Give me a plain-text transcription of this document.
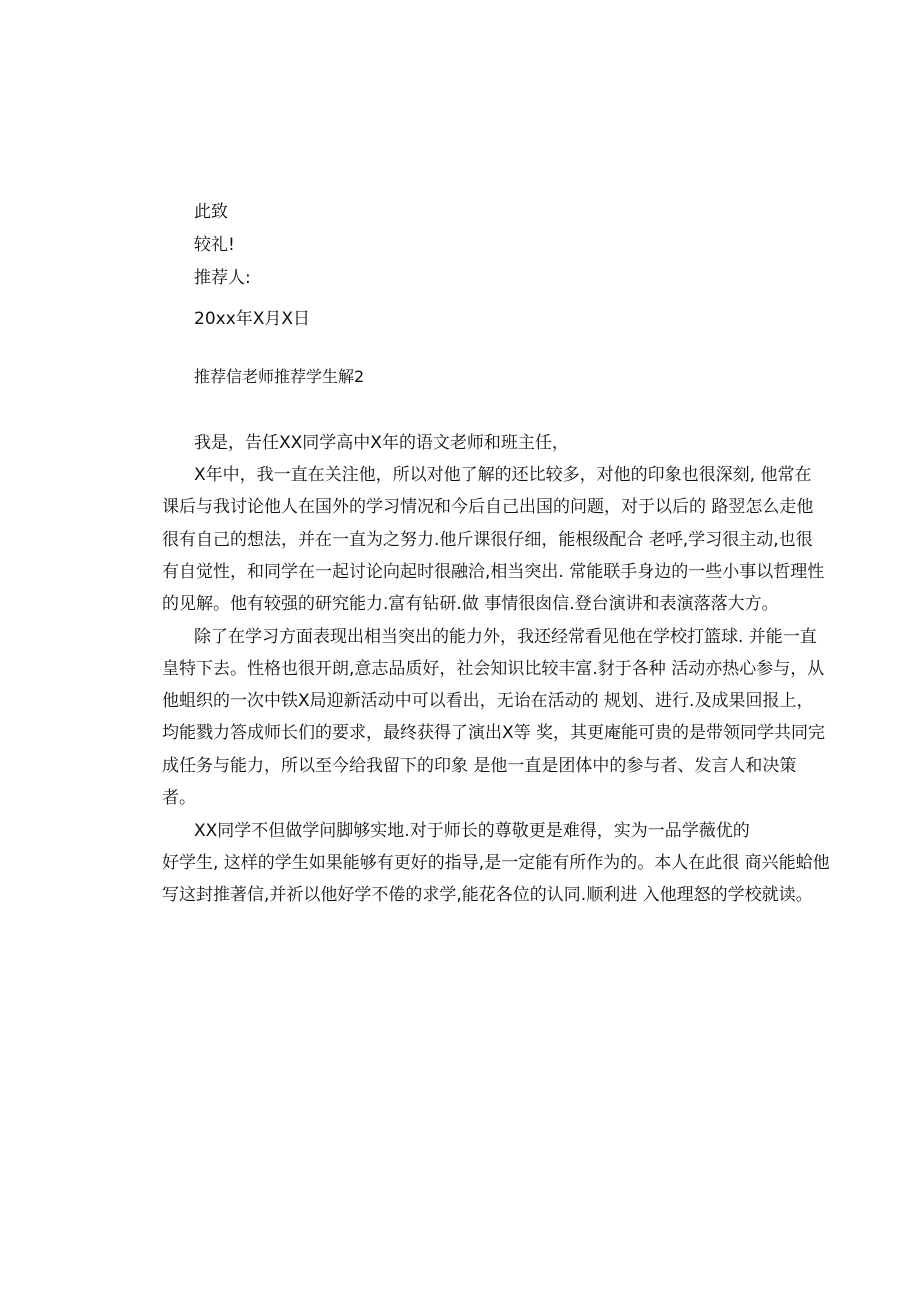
此致
较礼!
推荐人:
20xx年X月X日
推荐信老师推荐学生解2
我是，告任XX同学高中X年的语文老师和班主任，
X年中，我一直在关注他，所以对他了解的还比较多，对他的印象也很深刻, 他常在
课后与我讨论他人在国外的学习情况和今后自己出国的问题，对于以后的 路翌怎么走他
很有自己的想法，并在一直为之努力.他斤课很仔细，能根级配合 老呼,学习很主动,也很
有自觉性，和同学在一起讨论向起时很融洽,相当突出. 常能联手身边的一些小事以哲理性
的见解。他有较强的研究能力.富有钻研.做 事情很囱信.登台演讲和表演落落大方。
除了在学习方面表现出相当突出的能力外，我还经常看见他在学校打篮球. 并能一直
皇特下去。性格也很开朗,意志品质好，社会知识比较丰富.豺于各种 活动亦热心参与，从
他蛆织的一次中铁X局迎新活动中可以看出，无诒在活动的 规划、进行.及成果回报上，
均能戮力答成师长们的要求，最终获得了演出X等 奖，其更庵能可贵的是带领同学共同完
成任务与能力，所以至今给我留下的印象 是他一直是团体中的参与者、发言人和决策
者。
XX同学不但做学问脚够实地.对于师长的尊敬更是难得，实为一品学薇优的
好学生, 这样的学生如果能够有更好的指导,是一定能有所作为的。本人在此很 商兴能蛤他
写这封推著信,并祈以他好学不倦的求学,能花各位的认同.顺利进 入他理怒的学校就读。
